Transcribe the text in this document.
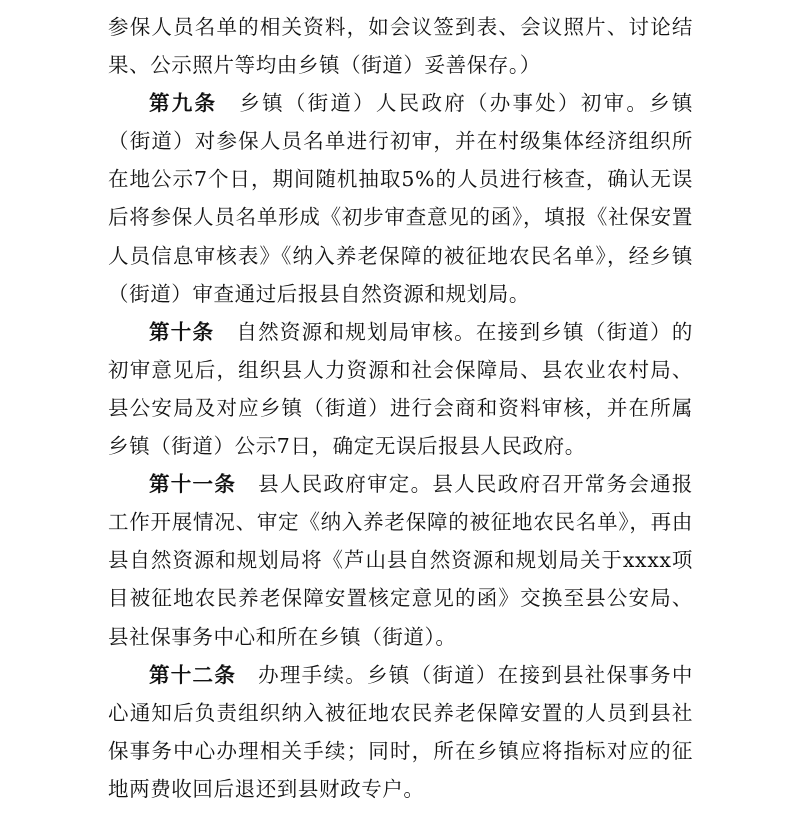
参保人员名单的相关资料，如会议签到表、会议照片、讨论结果、公示照片等均由乡镇（街道）妥善保存。）

第九条 乡镇（街道）人民政府（办事处）初审。乡镇（街道）对参保人员名单进行初审，并在村级集体经济组织所在地公示7个日，期间随机抽取5%的人员进行核查，确认无误后将参保人员名单形成《初步审查意见的函》，填报《社保安置人员信息审核表》《纳入养老保障的被征地农民名单》，经乡镇（街道）审查通过后报县自然资源和规划局。

第十条 自然资源和规划局审核。在接到乡镇（街道）的初审意见后，组织县人力资源和社会保障局、县农业农村局、县公安局及对应乡镇（街道）进行会商和资料审核，并在所属乡镇（街道）公示7日，确定无误后报县人民政府。

第十一条 县人民政府审定。县人民政府召开常务会通报工作开展情况、审定《纳入养老保障的被征地农民名单》，再由县自然资源和规划局将《芦山县自然资源和规划局关于xxxx项目被征地农民养老保障安置核定意见的函》交换至县公安局、县社保事务中心和所在乡镇（街道）。

第十二条 办理手续。乡镇（街道）在接到县社保事务中心通知后负责组织纳入被征地农民养老保障安置的人员到县社保事务中心办理相关手续；同时，所在乡镇应将指标对应的征地两费收回后退还到县财政专户。
